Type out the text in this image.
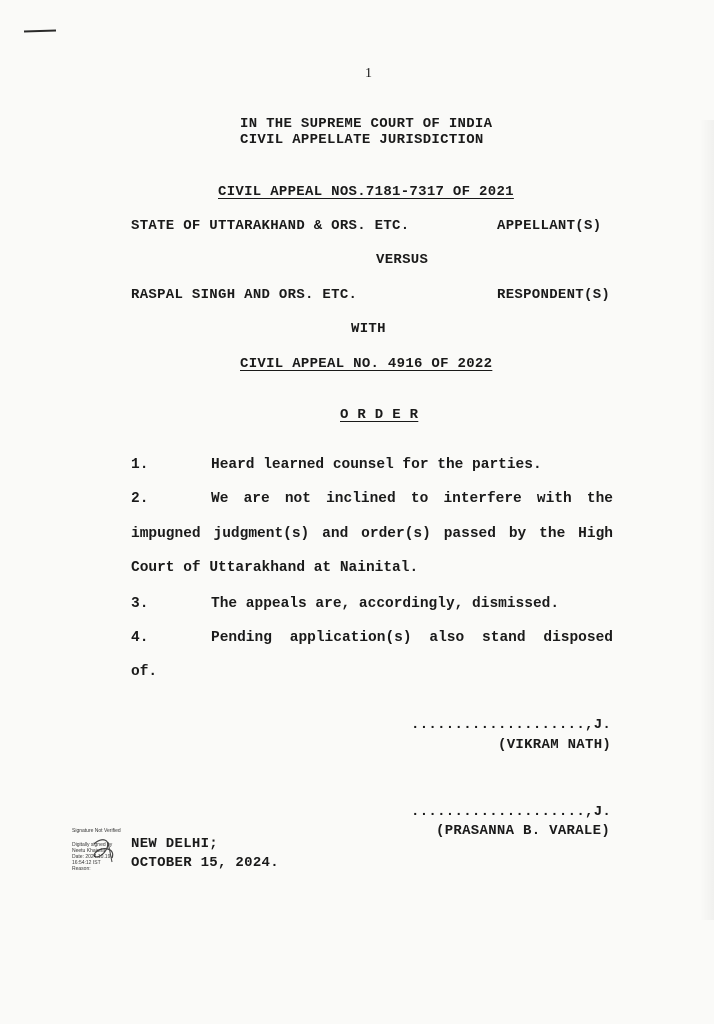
1
IN THE SUPREME COURT OF INDIA
CIVIL APPELLATE JURISDICTION
CIVIL APPEAL NOS.7181-7317 OF 2021
STATE OF UTTARAKHAND & ORS. ETC.	APPELLANT(S)
VERSUS
RASPAL SINGH AND ORS. ETC.	RESPONDENT(S)
WITH
CIVIL APPEAL NO. 4916 OF 2022
O R D E R
1.	Heard learned counsel for the parties.
2.	We are not inclined to interfere with the
impugned judgment(s) and order(s) passed by the High
Court of Uttarakhand at Nainital.
3.	The appeals are, accordingly, dismissed.
4.	Pending application(s) also stand disposed
of.
....................,J.
(VIKRAM NATH)
....................,J.
(PRASANNA B. VARALE)
Signature Not Verified
Digitally signed by
Neetu Khajuria
Date: 2024.10.19
16:54:12 IST
Reason:
NEW DELHI;
OCTOBER 15, 2024.
